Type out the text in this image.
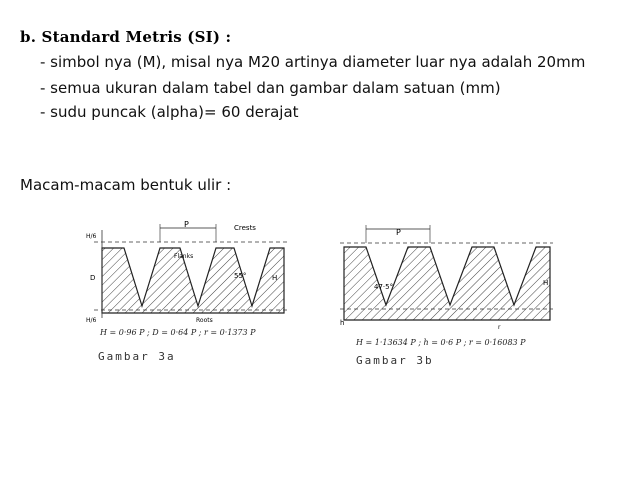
b. Standard Metris (SI) :
- simbol nya (M), misal nya M20 artinya diameter luar nya adalah 20mm
- semua ukuran dalam tabel dan gambar dalam satuan (mm)
- sudu puncak (alpha)= 60 derajat
Macam-macam bentuk ulir :
P	Crests
Flanks
55°
Roots
H/6
D
H/6
H
H = 0·96 P ; D = 0·64 P ; r = 0·1373 P
Gambar 3a
P
47·5°
h
H
r
H = 1·13634 P ; h = 0·6 P ; r = 0·16083 P
Gambar 3b
